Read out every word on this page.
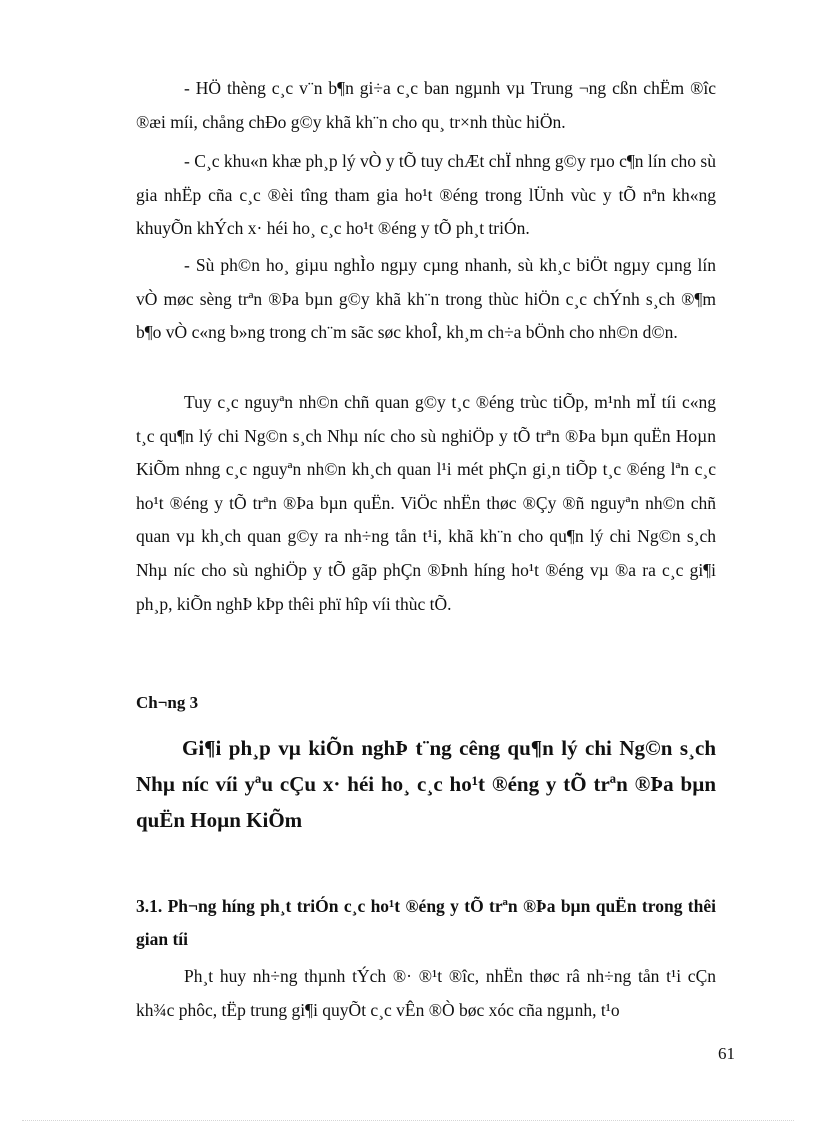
- HÖ thèng c¸c v¨n b¶n gi÷a c¸c ban ngµnh vµ Trung ¬ng cßn chËm ®îc ®æi míi, chång chÐo g©y khã kh¨n cho qu¸ tr×nh thùc hiÖn.

- C¸c khu«n khæ ph¸p lý vÒ y tÕ tuy chÆt chÏ nhng g©y rµo c¶n lín cho sù gia nhËp cña c¸c ®èi tîng tham gia ho¹t ®éng trong lÜnh vùc y tÕ nªn kh«ng khuyÕn khÝch x· héi ho¸ c¸c ho¹t ®éng y tÕ ph¸t triÓn.

- Sù ph©n ho¸ giµu nghÌo ngµy cµng nhanh, sù kh¸c biÖt ngµy cµng lín vÒ møc sèng trªn ®Þa bµn g©y khã kh¨n trong thùc hiÖn c¸c chÝnh s¸ch ®¶m b¶o vÒ c«ng b»ng trong ch¨m sãc søc khoÎ, kh¸m ch÷a bÖnh cho nh©n d©n.

Tuy c¸c nguyªn nh©n chñ quan g©y t¸c ®éng trùc tiÕp, m¹nh mÏ tíi c«ng t¸c qu¶n lý chi Ng©n s¸ch Nhµ níc cho sù nghiÖp y tÕ trªn ®Þa bµn quËn Hoµn KiÕm nhng c¸c nguyªn nh©n kh¸ch quan l¹i mét phÇn gi¸n tiÕp t¸c ®éng lªn c¸c ho¹t ®éng y tÕ trªn ®Þa bµn quËn. ViÖc nhËn thøc ®Çy ®ñ nguyªn nh©n chñ quan vµ kh¸ch quan g©y ra nh÷ng tån t¹i, khã kh¨n cho qu¶n lý chi Ng©n s¸ch Nhµ níc cho sù nghiÖp y tÕ gãp phÇn ®Þnh híng ho¹t ®éng vµ ®a ra c¸c gi¶i ph¸p, kiÕn nghÞ kÞp thêi phï hîp víi thùc tÕ.

Ch¬ng 3
Gi¶i ph¸p vµ kiÕn nghÞ t¨ng cêng qu¶n lý chi Ng©n s¸ch Nhµ níc víi yªu cÇu x· héi ho¸ c¸c ho¹t ®éng y tÕ trªn ®Þa bµn quËn Hoµn KiÕm
3.1. Ph¬ng híng ph¸t triÓn c¸c ho¹t ®éng y tÕ trªn ®Þa bµn quËn trong thêi gian tíi

Ph¸t huy nh÷ng thµnh tÝch ®· ®¹t ®îc, nhËn thøc râ nh÷ng tån t¹i cÇn kh¾c phôc, tËp trung gi¶i quyÕt c¸c vÊn ®Ò bøc xóc cña ngµnh, t¹o

61
